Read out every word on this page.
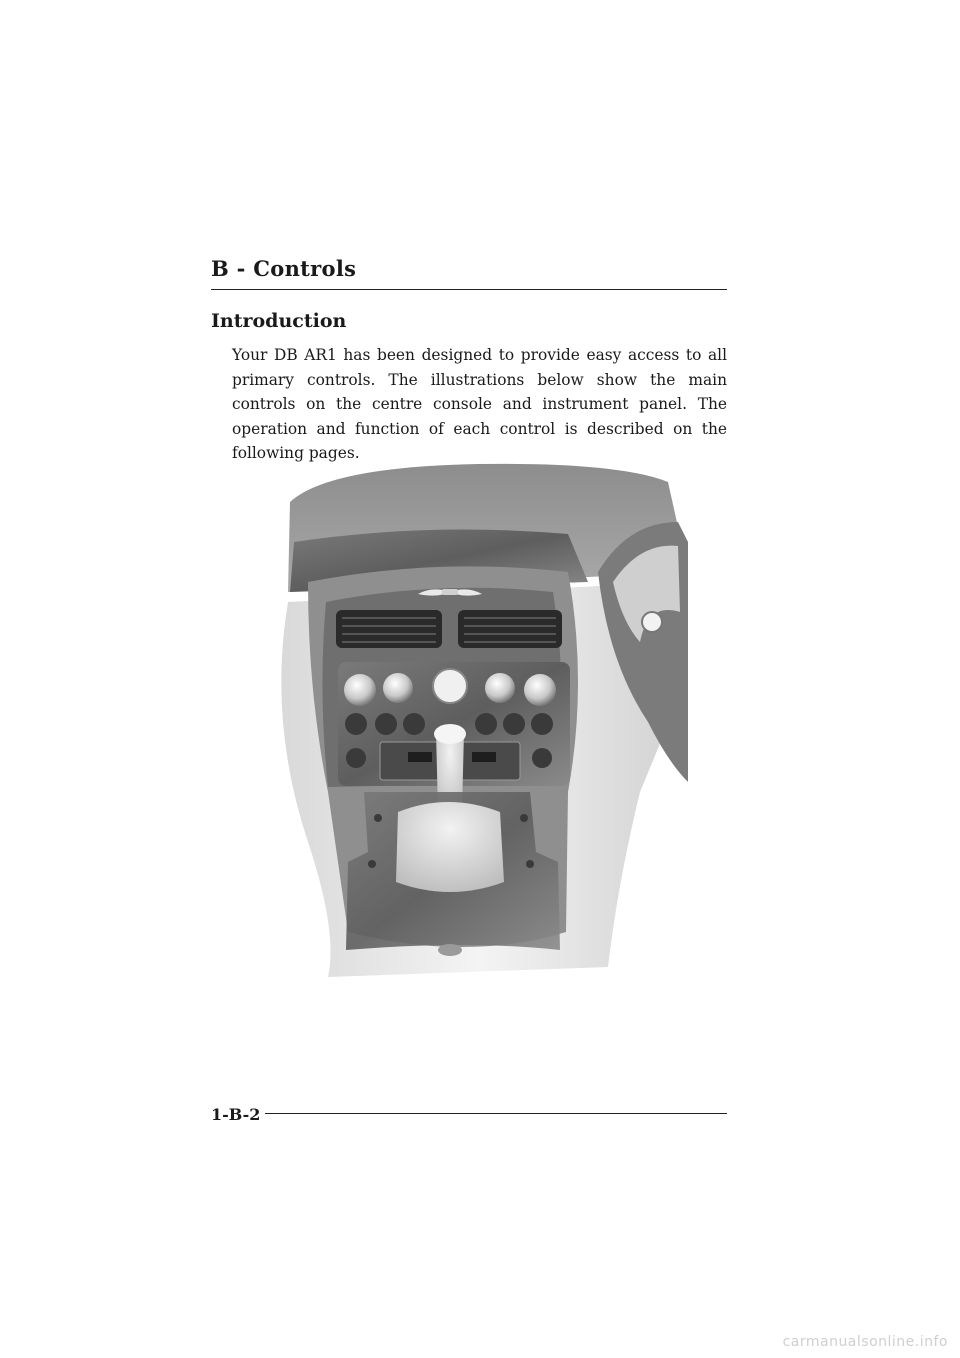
B - Controls
Introduction

Your DB AR1 has been designed to provide easy access to all primary controls. The illustrations below show the main controls on the centre console and instrument panel. The operation and function of each control is described on the following pages.

1-B-2
carmanualsonline.info
